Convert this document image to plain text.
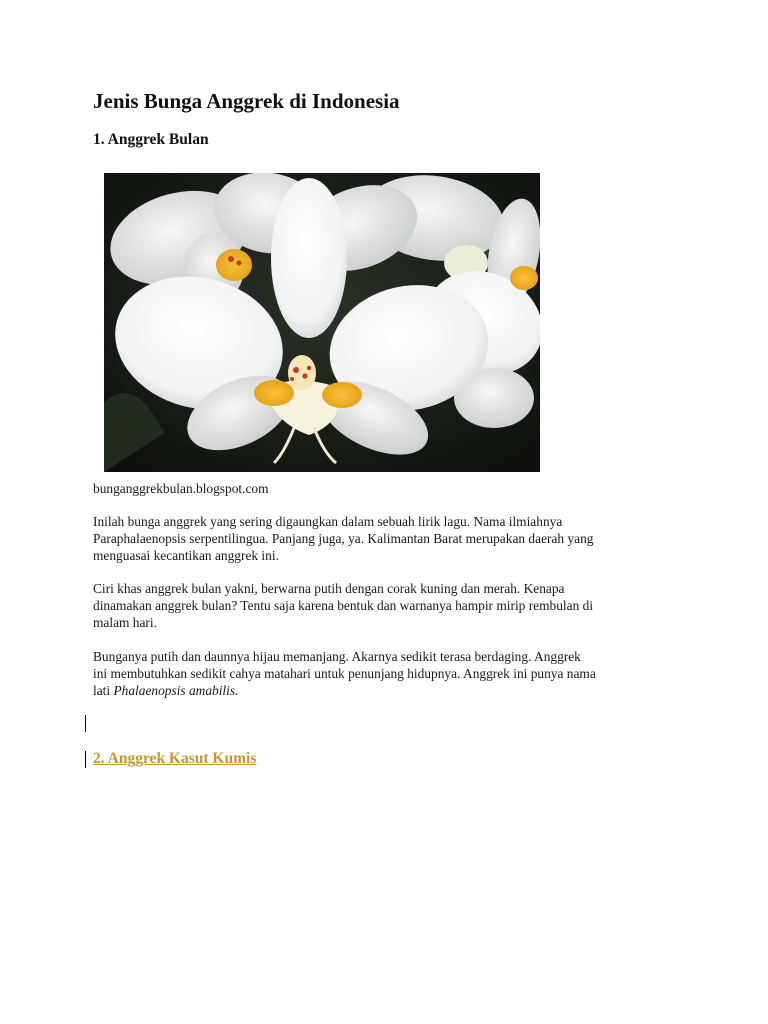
Jenis Bunga Anggrek di Indonesia
1. Anggrek Bulan

bunganggrekbulan.blogspot.com

Inilah bunga anggrek yang sering digaungkan dalam sebuah lirik lagu. Nama ilmiahnya
Paraphalaenopsis serpentilingua. Panjang juga, ya. Kalimantan Barat merupakan daerah yang
menguasai kecantikan anggrek ini.

Ciri khas anggrek bulan yakni, berwarna putih dengan corak kuning dan merah. Kenapa
dinamakan anggrek bulan? Tentu saja karena bentuk dan warnanya hampir mirip rembulan di
malam hari.

Bunganya putih dan daunnya hijau memanjang. Akarnya sedikit terasa berdaging. Anggrek
ini membutuhkan sedikit cahya matahari untuk penunjang hidupnya. Anggrek ini punya nama
lati Phalaenopsis amabilis.

2. Anggrek Kasut Kumis
